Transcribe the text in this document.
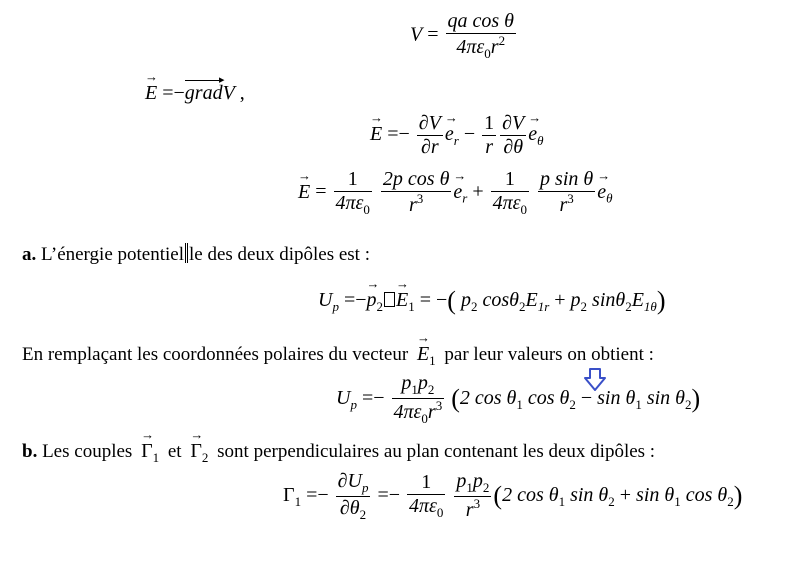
$V = \frac{\text{qa cos θ}}{4\pi\varepsilon_0r^2}$
→ E =−grad ▸V ,
→ $E =- \frac{\partial V}{\partial r}$
→ $e_r - \frac{1}{r} \frac{\partial V}{\partial\theta}$
→ $e_\theta$
→ $E = \frac{1}{4\pi\varepsilon_0}$
$\frac{\text{2p cos θ}}{r^3}$
→ $e_r + \frac{1}{4\pi\varepsilon_0}$
$\frac{\text{p sin θ}}{r^3}$
→ $e_\theta$
a. L’énergie potentiel le des deux dipôles est :
$U_p$ =−→ $p_2\to E_1$ = −( $p_2$ $\cos\theta_2E_{1r} + p_2$ $\sin\theta_2E_{1\theta}$)
En remplaçant les coordonnées polaires du vecteur → $E_1$ par leur valeurs on obtient :
$U_p =- \frac{p_1p_2}{4\pi\varepsilon_0r^3} (2$ $\cos \theta_1$ $\cos \theta_2 - \sin \theta_1$ $\sin \theta_2$)
b. Les couples → $\Gamma_1$ et → $\Gamma_2$ sont perpendiculaires au plan contenant les deux dipôles :
$\Gamma_1 =- \frac{\partial U_p}{\partial\theta_2} =- \frac{1}{4\pi\varepsilon_0}$
$\frac{p_1p_2}{r^3} (2$ $\cos \theta_1$ $\sin \theta_2 + \sin \theta_1$ $\cos \theta_2$)
